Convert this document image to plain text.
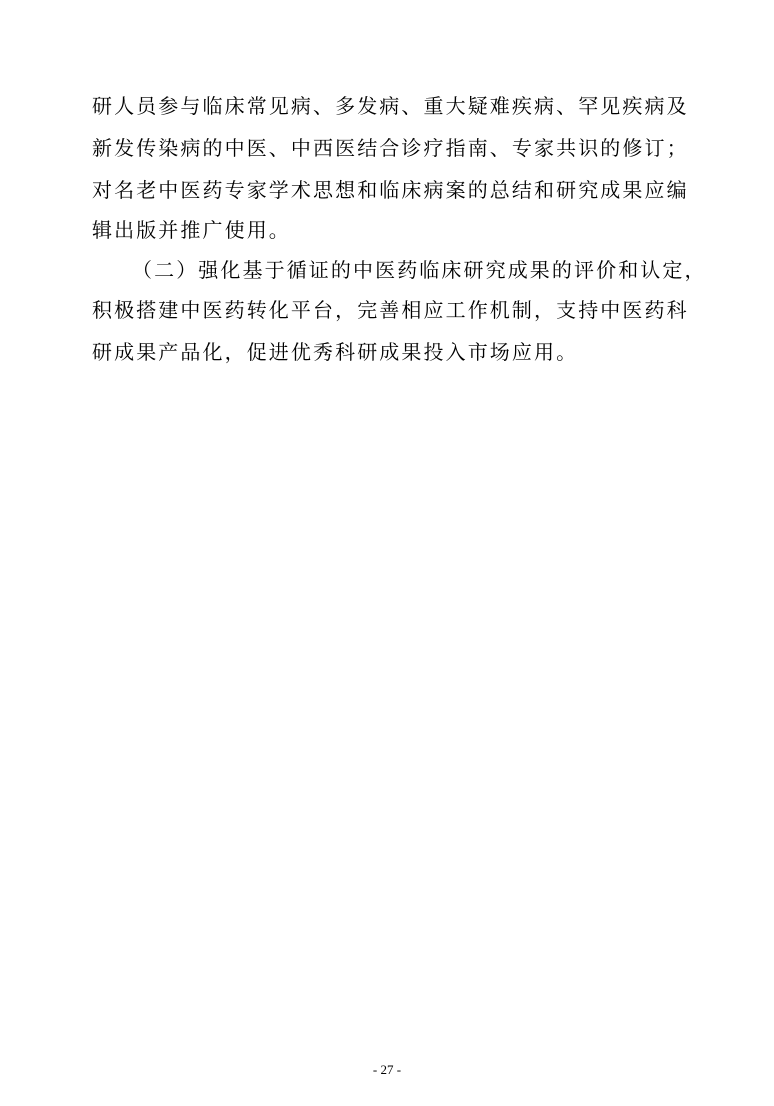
研人员参与临床常见病、多发病、重大疑难疾病、罕见疾病及
新发传染病的中医、中西医结合诊疗指南、专家共识的修订；
对名老中医药专家学术思想和临床病案的总结和研究成果应编
辑出版并推广使用。
（二）强化基于循证的中医药临床研究成果的评价和认定，
积极搭建中医药转化平台，完善相应工作机制，支持中医药科
研成果产品化，促进优秀科研成果投入市场应用。
- 27 -
